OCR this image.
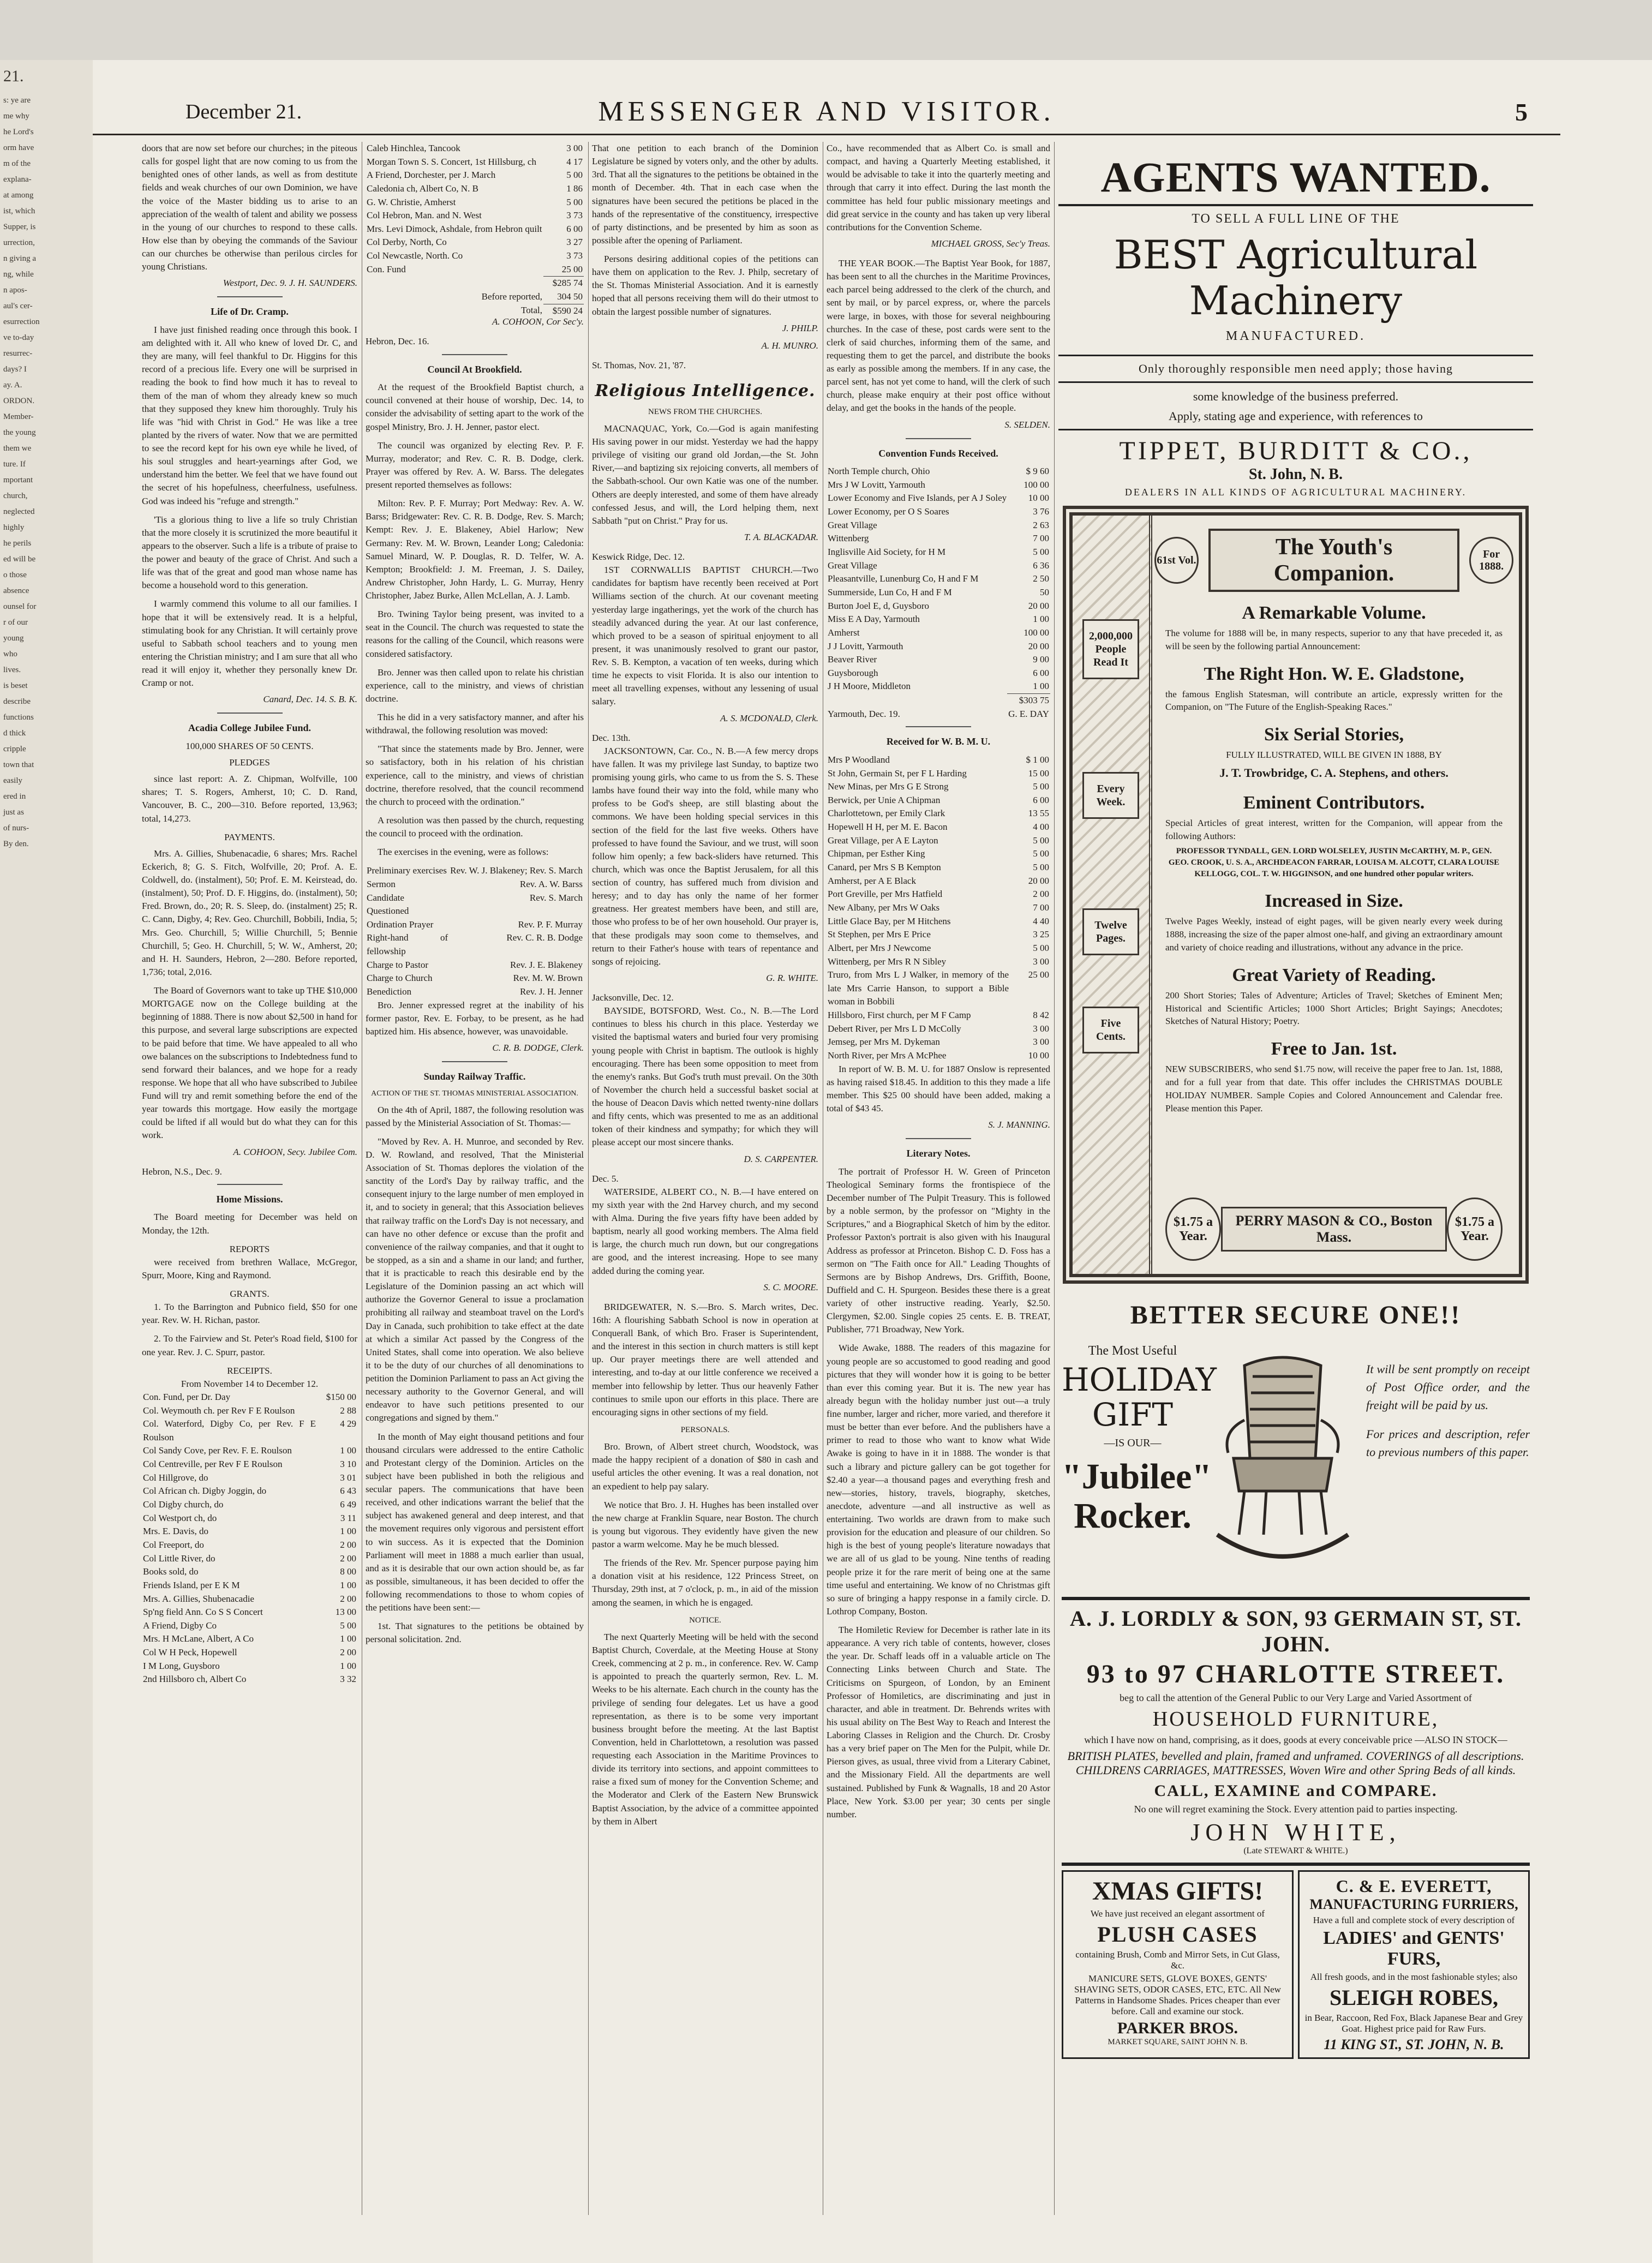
21.

s: ye are

me why

he Lord's

orm have

m of the

explana-

at among

ist, which

Supper, is

urrection,

n giving a

ng, while

n apos-

aul's cer-

esurrection

ve to-day

resurrec-

days? I

ay. A.

ORDON.

Member-

the young

them we

ture. If

mportant

church,

neglected

highly

he perils

ed will be

o those

absence

ounsel for

r of our

young

who

lives.

is beset

describe

functions

d thick

cripple

town that

easily

ered in

just as

of nurs-

By den.

December 21.	MESSENGER AND VISITOR.	5

doors that are now set before our churches; in the piteous calls for gospel light that are now coming to us from the benighted ones of other lands, as well as from destitute fields and weak churches of our own Dominion, we have the voice of the Master bidding us to arise to an appreciation of the wealth of talent and ability we possess in the young of our churches to respond to these calls. How else than by obeying the commands of the Saviour can our churches be otherwise than perilous circles for young Christians.

Westport, Dec. 9. J. H. SAUNDERS.
Life of Dr. Cramp.

I have just finished reading once through this book. I am delighted with it. All who knew of loved Dr. C, and they are many, will feel thankful to Dr. Higgins for this record of a precious life. Every one will be surprised in reading the book to find how much it has to reveal to them of the man of whom they already knew so much that they supposed they knew him thoroughly. Truly his life was "hid with Christ in God." He was like a tree planted by the rivers of water. Now that we are permitted to see the record kept for his own eye while he lived, of his soul struggles and heart-yearnings after God, we understand him the better. We feel that we have found out the secret of his hopefulness, cheerfulness, usefulness. God was indeed his "refuge and strength."

'Tis a glorious thing to live a life so truly Christian that the more closely it is scrutinized the more beautiful it appears to the observer. Such a life is a tribute of praise to the power and beauty of the grace of Christ. And such a life was that of the great and good man whose name has become a household word to this generation.

I warmly commend this volume to all our families. I hope that it will be extensively read. It is a helpful, stimulating book for any Christian. It will certainly prove useful to Sabbath school teachers and to young men entering the Christian ministry; and I am sure that all who read it will enjoy it, whether they personally knew Dr. Cramp or not.

Canard, Dec. 14. S. B. K.
Acadia College Jubilee Fund.
100,000 SHARES OF 50 CENTS.
PLEDGES

since last report: A. Z. Chipman, Wolfville, 100 shares; T. S. Rogers, Amherst, 10; C. D. Rand, Vancouver, B. C., 200—310. Before reported, 13,963; total, 14,273.

PAYMENTS.

Mrs. A. Gillies, Shubenacadie, 6 shares; Mrs. Rachel Eckerich, 8; G. S. Fitch, Wolfville, 20; Prof. A. E. Coldwell, do. (instalment), 50; Prof. E. M. Keirstead, do. (instalment), 50; Prof. D. F. Higgins, do. (instalment), 50; Fred. Brown, do., 20; R. S. Sleep, do. (instalment) 25; R. C. Cann, Digby, 4; Rev. Geo. Churchill, Bobbili, India, 5; Mrs. Geo. Churchill, 5; Willie Churchill, 5; Bennie Churchill, 5; Geo. H. Churchill, 5; W. W., Amherst, 20; and H. H. Saunders, Hebron, 2—280. Before reported, 1,736; total, 2,016.

The Board of Governors want to take up THE $10,000 MORTGAGE now on the College building at the beginning of 1888. There is now about $2,500 in hand for this purpose, and several large subscriptions are expected to be paid before that time. We have appealed to all who owe balances on the subscriptions to Indebtedness fund to send forward their balances, and we hope for a ready response. We hope that all who have subscribed to Jubilee Fund will try and remit something before the end of the year towards this mortgage. How easily the mortgage could be lifted if all would but do what they can for this work.

A. COHOON, Secy. Jubilee Com.
Hebron, N.S., Dec. 9.
Home Missions.

The Board meeting for December was held on Monday, the 12th.

REPORTS

were received from brethren Wallace, McGregor, Spurr, Moore, King and Raymond.

GRANTS.

1. To the Barrington and Pubnico field, $50 for one year. Rev. W. H. Richan, pastor.

2. To the Fairview and St. Peter's Road field, $100 for one year. Rev. J. C. Spurr, pastor.

RECEIPTS.
From November 14 to December 12.
Con. Fund, per Dr. Day	$150 00
Col. Weymouth ch. per Rev F E Roulson	2 88
Col. Waterford, Digby Co, per Rev. F E Roulson	4 29
Col Sandy Cove, per Rev. F. E. Roulson	1 00
Col Centreville, per Rev F E Roulson	3 10
Col Hillgrove, do	3 01
Col African ch. Digby Joggin, do	6 43
Col Digby church, do	6 49
Col Westport ch, do	3 11
Mrs. E. Davis, do	1 00
Col Freeport, do	2 00
Col Little River, do	2 00
Books sold, do	8 00
Friends Island, per E K M	1 00
Mrs. A. Gillies, Shubenacadie	2 00
Sp'ng field Ann. Co S S Concert	13 00
A Friend, Digby Co	5 00
Mrs. H McLane, Albert, A Co	1 00
Col W H Peck, Hopewell	2 00
I M Long, Guysboro	1 00
2nd Hillsboro ch, Albert Co	3 32
Caleb Hinchlea, Tancook	3 00
Morgan Town S. S. Concert, 1st Hillsburg, ch	4 17
A Friend, Dorchester, per J. March	5 00
Caledonia ch, Albert Co, N. B	1 86
G. W. Christie, Amherst	5 00
Col Hebron, Man. and N. West	3 73
Mrs. Levi Dimock, Ashdale, from Hebron quilt	6 00
Col Derby, North, Co	3 27
Col Newcastle, North. Co	3 73
Con. Fund	25 00
	$285 74
Before reported,	304 50
Total,	$590 24
A. COHOON, Cor Sec'y.
Hebron, Dec. 16.
Council At Brookfield.

At the request of the Brookfield Baptist church, a council convened at their house of worship, Dec. 14, to consider the advisability of setting apart to the work of the gospel Ministry, Bro. J. H. Jenner, pastor elect.

The council was organized by electing Rev. P. F. Murray, moderator; and Rev. C. R. B. Dodge, clerk. Prayer was offered by Rev. A. W. Barss. The delegates present reported themselves as follows:

Milton: Rev. P. F. Murray; Port Medway: Rev. A. W. Barss; Bridgewater: Rev. C. R. B. Dodge, Rev. S. March; Kempt: Rev. J. E. Blakeney, Abiel Harlow; New Germany: Rev. M. W. Brown, Leander Long; Caledonia: Samuel Minard, W. P. Douglas, R. D. Telfer, W. A. Kempton; Brookfield: J. M. Freeman, J. S. Dailey, Andrew Christopher, John Hardy, L. G. Murray, Henry Christopher, Jabez Burke, Allen McLellan, A. J. Lamb.

Bro. Twining Taylor being present, was invited to a seat in the Council. The church was requested to state the reasons for the calling of the Council, which reasons were considered satisfactory.

Bro. Jenner was then called upon to relate his christian experience, call to the ministry, and views of christian doctrine.

This he did in a very satisfactory manner, and after his withdrawal, the following resolution was moved:

"That since the statements made by Bro. Jenner, were so satisfactory, both in his relation of his christian experience, call to the ministry, and views of christian doctrine, therefore resolved, that the council recommend the church to proceed with the ordination."

A resolution was then passed by the church, requesting the council to proceed with the ordination.

The exercises in the evening, were as follows:

Preliminary exercises	Rev. W. J. Blakeney; Rev. S. March
Sermon	Rev. A. W. Barss
Candidate Questioned	Rev. S. March
Ordination Prayer	Rev. P. F. Murray
Right-hand of fellowship	Rev. C. R. B. Dodge
Charge to Pastor	Rev. J. E. Blakeney
Charge to Church	Rev. M. W. Brown
Benediction	Rev. J. H. Jenner

Bro. Jenner expressed regret at the inability of his former pastor, Rev. E. Forbay, to be present, as he had baptized him. His absence, however, was unavoidable.

C. R. B. DODGE, Clerk.
Sunday Railway Traffic.
ACTION OF THE ST. THOMAS MINISTERIAL ASSOCIATION.

On the 4th of April, 1887, the following resolution was passed by the Ministerial Association of St. Thomas:—

"Moved by Rev. A. H. Munroe, and seconded by Rev. D. W. Rowland, and resolved, That the Ministerial Association of St. Thomas deplores the violation of the sanctity of the Lord's Day by railway traffic, and the consequent injury to the large number of men employed in it, and to society in general; that this Association believes that railway traffic on the Lord's Day is not necessary, and can have no other defence or excuse than the profit and convenience of the railway companies, and that it ought to be stopped, as a sin and a shame in our land; and further, that it is practicable to reach this desirable end by the Legislature of the Dominion passing an act which will authorize the Governor General to issue a proclamation prohibiting all railway and steamboat travel on the Lord's Day in Canada, such prohibition to take effect at the date at which a similar Act passed by the Congress of the United States, shall come into operation. We also believe it to be the duty of our churches of all denominations to petition the Dominion Parliament to pass an Act giving the necessary authority to the Governor General, and will endeavor to have such petitions presented to our congregations and signed by them."

In the month of May eight thousand petitions and four thousand circulars were addressed to the entire Catholic and Protestant clergy of the Dominion. Articles on the subject have been published in both the religious and secular papers. The communications that have been received, and other indications warrant the belief that the subject has awakened general and deep interest, and that the movement requires only vigorous and persistent effort to win success. As it is expected that the Dominion Parliament will meet in 1888 a much earlier than usual, and as it is desirable that our own action should be, as far as possible, simultaneous, it has been decided to offer the following recommendations to those to whom copies of the petitions have been sent:—

1st. That signatures to the petitions be obtained by personal solicitation. 2nd.

That one petition to each branch of the Dominion Legislature be signed by voters only, and the other by adults. 3rd. That all the signatures to the petitions be obtained in the month of December. 4th. That in each case when the signatures have been secured the petitions be placed in the hands of the representative of the constituency, irrespective of party distinctions, and be presented by him as soon as possible after the opening of Parliament.

Persons desiring additional copies of the petitions can have them on application to the Rev. J. Philp, secretary of the St. Thomas Ministerial Association. And it is earnestly hoped that all persons receiving them will do their utmost to obtain the largest possible number of signatures.

J. PHILP.
A. H. MUNRO.
St. Thomas, Nov. 21, '87.
Religious Intelligence.
NEWS FROM THE CHURCHES.

MACNAQUAC, York, Co.—God is again manifesting His saving power in our midst. Yesterday we had the happy privilege of visiting our grand old Jordan,—the St. John River,—and baptizing six rejoicing converts, all members of the Sabbath-school. Our own Katie was one of the number. Others are deeply interested, and some of them have already confessed Jesus, and will, the Lord helping them, next Sabbath "put on Christ." Pray for us.

T. A. BLACKADAR.
Keswick Ridge, Dec. 12.

1ST CORNWALLIS BAPTIST CHURCH.—Two candidates for baptism have recently been received at Port Williams section of the church. At our covenant meeting yesterday large ingatherings, yet the work of the church has steadily advanced during the year. At our last conference, which proved to be a season of spiritual enjoyment to all present, it was unanimously resolved to grant our pastor, Rev. S. B. Kempton, a vacation of ten weeks, during which time he expects to visit Florida. It is also our intention to meet all travelling expenses, without any lessening of usual salary.

A. S. MCDONALD, Clerk.
Dec. 13th.

JACKSONTOWN, Car. Co., N. B.—A few mercy drops have fallen. It was my privilege last Sunday, to baptize two promising young girls, who came to us from the S. S. These lambs have found their way into the fold, while many who profess to be God's sheep, are still blasting about the commons. We have been holding special services in this section of the field for the last five weeks. Others have professed to have found the Saviour, and we trust, will soon follow him openly; a few back-sliders have returned. This church, which was once the Baptist Jerusalem, for all this section of country, has suffered much from division and heresy; and to day has only the name of her former greatness. Her greatest members have been, and still are, those who profess to be of her own household. Our prayer is, that these prodigals may soon come to themselves, and return to their Father's house with tears of repentance and songs of rejoicing.

G. R. WHITE.
Jacksonville, Dec. 12.

BAYSIDE, BOTSFORD, West. Co., N. B.—The Lord continues to bless his church in this place. Yesterday we visited the baptismal waters and buried four very promising young people with Christ in baptism. The outlook is highly encouraging. There has been some opposition to meet from the enemy's ranks. But God's truth must prevail. On the 30th of November the church held a successful basket social at the house of Deacon Davis which netted twenty-nine dollars and fifty cents, which was presented to me as an additional token of their kindness and sympathy; for which they will please accept our most sincere thanks.

D. S. CARPENTER.
Dec. 5.

WATERSIDE, ALBERT CO., N. B.—I have entered on my sixth year with the 2nd Harvey church, and my second with Alma. During the five years fifty have been added by baptism, nearly all good working members. The Alma field is large, the church much run down, but our congregations are good, and the interest increasing. Hope to see many added during the coming year.

S. C. MOORE.

BRIDGEWATER, N. S.—Bro. S. March writes, Dec. 16th: A flourishing Sabbath School is now in operation at Conquerall Bank, of which Bro. Fraser is Superintendent, and the interest in this section in church matters is still kept up. Our prayer meetings there are well attended and interesting, and to-day at our little conference we received a member into fellowship by letter. Thus our heavenly Father continues to smile upon our efforts in this place. There are encouraging signs in other sections of my field.

PERSONALS.

Bro. Brown, of Albert street church, Woodstock, was made the happy recipient of a donation of $80 in cash and useful articles the other evening. It was a real donation, not an expedient to help pay salary.

We notice that Bro. J. H. Hughes has been installed over the new charge at Franklin Square, near Boston. The church is young but vigorous. They evidently have given the new pastor a warm welcome. May he be much blessed.

The friends of the Rev. Mr. Spencer purpose paying him a donation visit at his residence, 122 Princess Street, on Thursday, 29th inst, at 7 o'clock, p. m., in aid of the mission among the seamen, in which he is engaged.

NOTICE.

The next Quarterly Meeting will be held with the second Baptist Church, Coverdale, at the Meeting House at Stony Creek, commencing at 2 p. m., in conference. Rev. W. Camp is appointed to preach the quarterly sermon, Rev. L. M. Weeks to be his alternate. Each church in the county has the privilege of sending four delegates. Let us have a good representation, as there is to be some very important business brought before the meeting. At the last Baptist Convention, held in Charlottetown, a resolution was passed requesting each Association in the Maritime Provinces to divide its territory into sections, and appoint committees to raise a fixed sum of money for the Convention Scheme; and the Moderator and Clerk of the Eastern New Brunswick Baptist Association, by the advice of a committee appointed by them in Albert

Co., have recommended that as Albert Co. is small and compact, and having a Quarterly Meeting established, it would be advisable to take it into the quarterly meeting and through that carry it into effect. During the last month the committee has held four public missionary meetings and did great service in the county and has taken up very liberal contributions for the Convention Scheme.

MICHAEL GROSS, Sec'y Treas.

THE YEAR BOOK.—The Baptist Year Book, for 1887, has been sent to all the churches in the Maritime Provinces, each parcel being addressed to the clerk of the church, and sent by mail, or by parcel express, or, where the parcels were large, in boxes, with those for several neighbouring churches. In the case of these, post cards were sent to the clerk of said churches, informing them of the same, and requesting them to get the parcel, and distribute the books as early as possible among the members. If in any case, the parcel sent, has not yet come to hand, will the clerk of such church, please make enquiry at their post office without delay, and get the books in the hands of the people.

S. SELDEN.
Convention Funds Received.
North Temple church, Ohio	$ 9 60
Mrs J W Lovitt, Yarmouth	100 00
Lower Economy and Five Islands, per A J Soley	10 00
Lower Economy, per O S Soares	3 76
Great Village	2 63
Wittenberg	7 00
Inglisville Aid Society, for H M	5 00
Great Village	6 36
Pleasantville, Lunenburg Co, H and F M	2 50
Summerside, Lun Co, H and F M	50
Burton Joel E, d, Guysboro	20 00
Miss E A Day, Yarmouth	1 00
Amherst	100 00
J J Lovitt, Yarmouth	20 00
Beaver River	9 00
Guysborough	6 00
J H Moore, Middleton	1 00
	$303 75
Yarmouth, Dec. 19.	G. E. DAY
Received for W. B. M. U.
Mrs P Woodland	$ 1 00
St John, Germain St, per F L Harding	15 00
New Minas, per Mrs G E Strong	5 00
Berwick, per Unie A Chipman	6 00
Charlottetown, per Emily Clark	13 55
Hopewell H H, per M. E. Bacon	4 00
Great Village, per A E Layton	5 00
Chipman, per Esther King	5 00
Canard, per Mrs S B Kempton	5 00
Amherst, per A E Black	20 00
Port Greville, per Mrs Hatfield	2 00
New Albany, per Mrs W Oaks	7 00
Little Glace Bay, per M Hitchens	4 40
St Stephen, per Mrs E Price	3 25
Albert, per Mrs J Newcome	5 00
Wittenberg, per Mrs R N Sibley	3 00
Truro, from Mrs L J Walker, in memory of the late Mrs Carrie Hanson, to support a Bible woman in Bobbili	25 00
Hillsboro, First church, per M F Camp	8 42
Debert River, per Mrs L D McColly	3 00
Jemseg, per Mrs M. Dykeman	3 00
North River, per Mrs A McPhee	10 00

In report of W. B. M. U. for 1887 Onslow is represented as having raised $18.45. In addition to this they made a life member. This $25 00 should have been added, making a total of $43 45.

S. J. MANNING.
Literary Notes.

The portrait of Professor H. W. Green of Princeton Theological Seminary forms the frontispiece of the December number of The Pulpit Treasury. This is followed by a noble sermon, by the professor on "Mighty in the Scriptures," and a Biographical Sketch of him by the editor. Professor Paxton's portrait is also given with his Inaugural Address as professor at Princeton. Bishop C. D. Foss has a sermon on "The Faith once for All." Leading Thoughts of Sermons are by Bishop Andrews, Drs. Griffith, Boone, Duffield and C. H. Spurgeon. Besides these there is a great variety of other instructive reading. Yearly, $2.50. Clergymen, $2.00. Single copies 25 cents. E. B. TREAT, Publisher, 771 Broadway, New York.

Wide Awake, 1888. The readers of this magazine for young people are so accustomed to good reading and good pictures that they will wonder how it is going to be better than ever this coming year. But it is. The new year has already begun with the holiday number just out—a truly fine number, larger and richer, more varied, and therefore it must be better than ever before. And the publishers have a primer to read to those who want to know what Wide Awake is going to have in it in 1888. The wonder is that such a library and picture gallery can be got together for $2.40 a year—a thousand pages and everything fresh and new—stories, history, travels, biography, sketches, anecdote, adventure —and all instructive as well as entertaining. Two worlds are drawn from to make such provision for the education and pleasure of our children. So high is the best of young people's literature nowadays that we are all of us glad to be young. Nine tenths of reading people prize it for the rare merit of being one at the same time useful and entertaining. We know of no Christmas gift so sure of bringing a happy response in a family circle. D. Lothrop Company, Boston.

The Homiletic Review for December is rather late in its appearance. A very rich table of contents, however, closes the year. Dr. Schaff leads off in a valuable article on The Connecting Links between Church and State. The Criticisms on Spurgeon, of London, by an Eminent Professor of Homiletics, are discriminating and just in character, and able in treatment. Dr. Behrends writes with his usual ability on The Best Way to Reach and Interest the Laboring Classes in Religion and the Church. Dr. Crosby has a very brief paper on The Men for the Pulpit, while Dr. Pierson gives, as usual, three vivid from a Literary Cabinet, and the Missionary Field. All the departments are well sustained. Published by Funk & Wagnalls, 18 and 20 Astor Place, New York. $3.00 per year; 30 cents per single number.

AGENTS WANTED.
TO SELL A FULL LINE OF THE
BEST Agricultural Machinery
MANUFACTURED.
Only thoroughly responsible men need apply; those having
some knowledge of the business preferred.
Apply, stating age and experience, with references to
TIPPET, BURDITT & CO.,
St. John, N. B.
DEALERS IN ALL KINDS OF AGRICULTURAL MACHINERY.
2,000,000 People Read It
Every Week.
Twelve Pages.
Five Cents.
61st Vol.
The Youth's Companion.
For 1888.
A Remarkable Volume.

The volume for 1888 will be, in many respects, superior to any that have preceded it, as will be seen by the following partial Announcement:

The Right Hon. W. E. Gladstone,

the famous English Statesman, will contribute an article, expressly written for the Companion, on "The Future of the English-Speaking Races."

Six Serial Stories,

FULLY ILLUSTRATED, WILL BE GIVEN IN 1888, BY

J. T. Trowbridge, C. A. Stephens, and others.

Eminent Contributors.

Special Articles of great interest, written for the Companion, will appear from the following Authors:

PROFESSOR TYNDALL, GEN. LORD WOLSELEY, JUSTIN McCARTHY, M. P., GEN. GEO. CROOK, U. S. A., ARCHDEACON FARRAR, LOUISA M. ALCOTT, CLARA LOUISE KELLOGG, COL. T. W. HIGGINSON, and one hundred other popular writers.

Increased in Size.

Twelve Pages Weekly, instead of eight pages, will be given nearly every week during 1888, increasing the size of the paper almost one-half, and giving an extraordinary amount and variety of choice reading and illustrations, without any advance in the price.

Great Variety of Reading.

200 Short Stories; Tales of Adventure; Articles of Travel; Sketches of Eminent Men; Historical and Scientific Articles; 1000 Short Articles; Bright Sayings; Anecdotes; Sketches of Natural History; Poetry.

Free to Jan. 1st.

NEW SUBSCRIBERS, who send $1.75 now, will receive the paper free to Jan. 1st, 1888, and for a full year from that date. This offer includes the CHRISTMAS DOUBLE HOLIDAY NUMBER. Sample Copies and Colored Announcement and Calendar free. Please mention this Paper.

$1.75 a Year.
PERRY MASON & CO., Boston Mass.
$1.75 a Year.
BETTER SECURE ONE!!
The Most Useful
HOLIDAY GIFT
—IS OUR—
"Jubilee" Rocker.

It will be sent promptly on receipt of Post Office order, and the freight will be paid by us.

For prices and description, refer to previous numbers of this paper.

A. J. LORDLY & SON, 93 GERMAIN ST, ST. JOHN.
93 to 97 CHARLOTTE STREET.

beg to call the attention of the General Public to our Very Large and Varied Assortment of

HOUSEHOLD FURNITURE,

which I have now on hand, comprising, as it does, goods at every conceivable price —ALSO IN STOCK—

BRITISH PLATES, bevelled and plain, framed and unframed. COVERINGS of all descriptions. CHILDRENS CARRIAGES, MATTRESSES, Woven Wire and other Spring Beds of all kinds.

CALL, EXAMINE and COMPARE.

No one will regret examining the Stock. Every attention paid to parties inspecting.

JOHN WHITE,
(Late STEWART & WHITE.)
XMAS GIFTS!

We have just received an elegant assortment of

PLUSH CASES

containing Brush, Comb and Mirror Sets, in Cut Glass, &c.

MANICURE SETS, GLOVE BOXES, GENTS' SHAVING SETS, ODOR CASES, ETC, ETC. All New Patterns in Handsome Shades. Prices cheaper than ever before. Call and examine our stock.

PARKER BROS.
MARKET SQUARE, SAINT JOHN N. B.
C. & E. EVERETT,
MANUFACTURING FURRIERS,

Have a full and complete stock of every description of

LADIES' and GENTS' FURS,

All fresh goods, and in the most fashionable styles; also

SLEIGH ROBES,

in Bear, Raccoon, Red Fox, Black Japanese Bear and Grey Goat. Highest price paid for Raw Furs.

11 KING ST., ST. JOHN, N. B.
